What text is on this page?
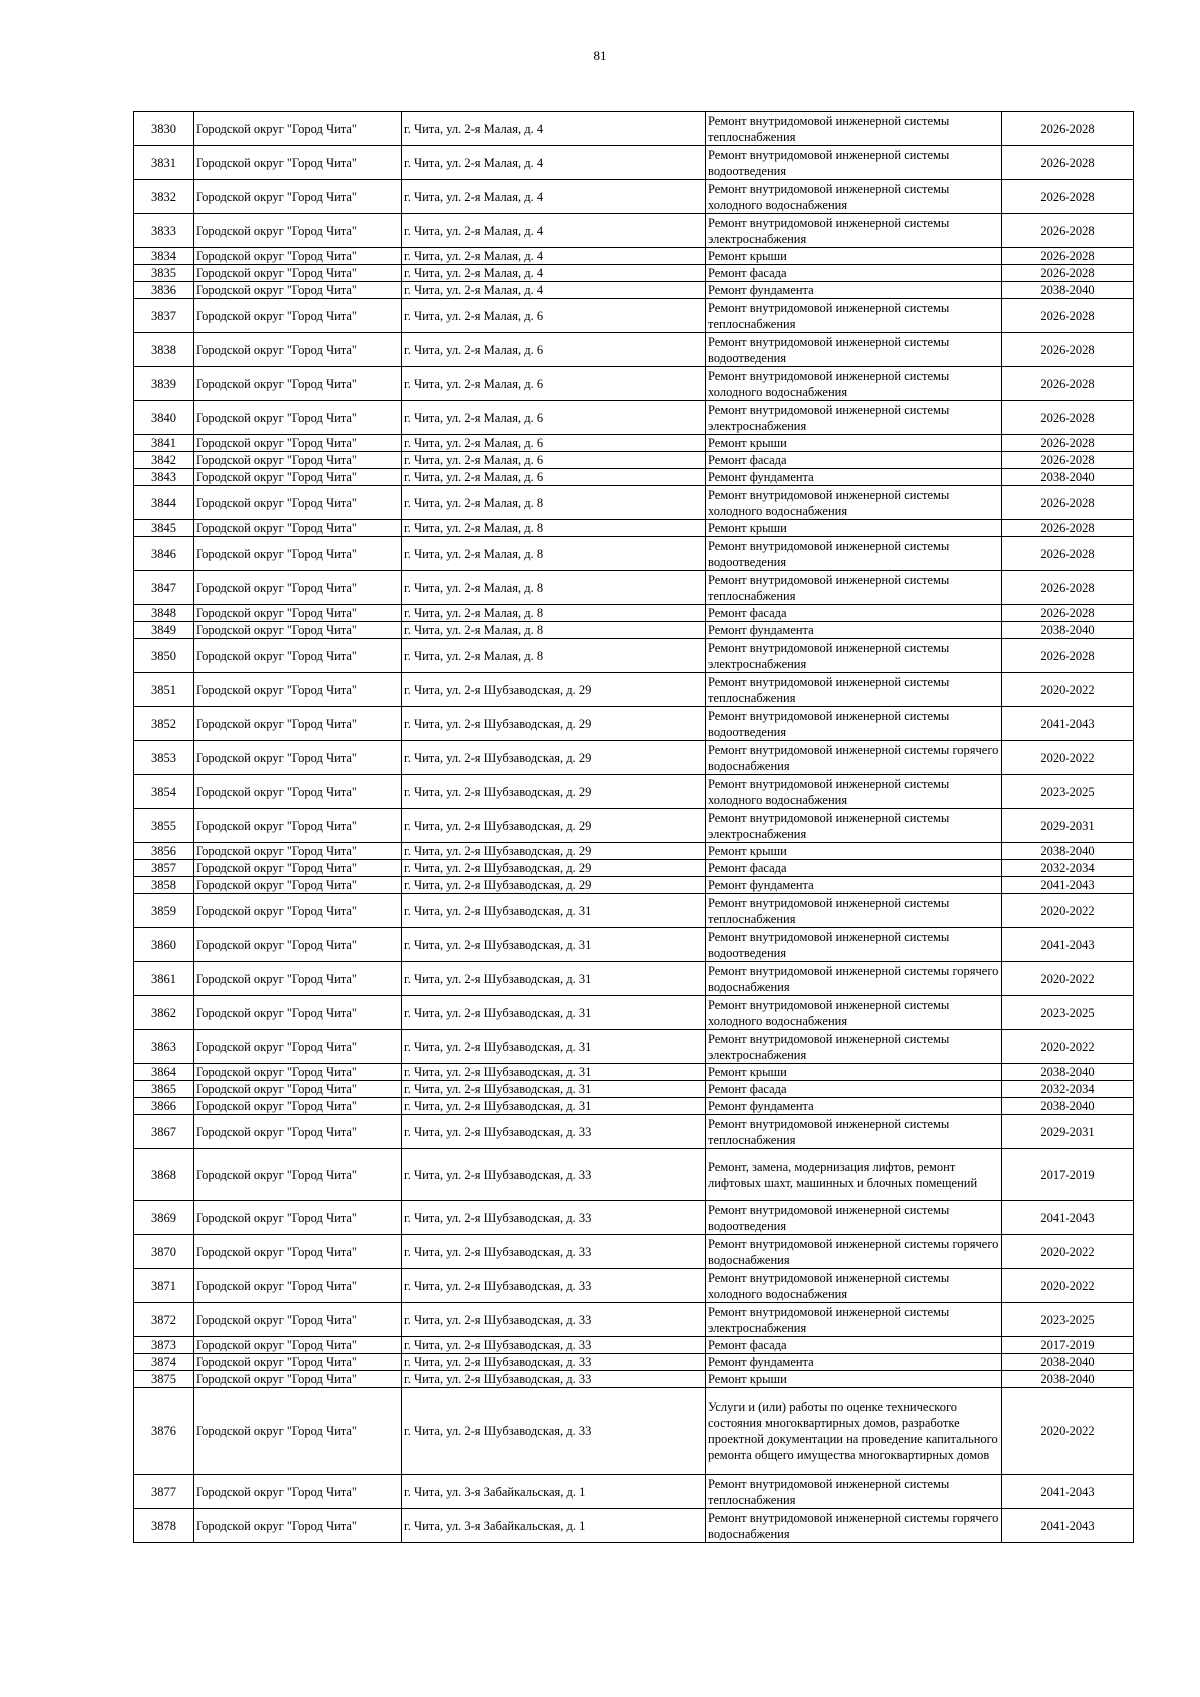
81
3830	Городской округ "Город Чита"	г. Чита, ул. 2-я Малая, д. 4	Ремонт внутридомовой инженерной системы теплоснабжения	2026-2028
3831	Городской округ "Город Чита"	г. Чита, ул. 2-я Малая, д. 4	Ремонт внутридомовой инженерной системы водоотведения	2026-2028
3832	Городской округ "Город Чита"	г. Чита, ул. 2-я Малая, д. 4	Ремонт внутридомовой инженерной системы холодного водоснабжения	2026-2028
3833	Городской округ "Город Чита"	г. Чита, ул. 2-я Малая, д. 4	Ремонт внутридомовой инженерной системы электроснабжения	2026-2028
3834	Городской округ "Город Чита"	г. Чита, ул. 2-я Малая, д. 4	Ремонт крыши	2026-2028
3835	Городской округ "Город Чита"	г. Чита, ул. 2-я Малая, д. 4	Ремонт фасада	2026-2028
3836	Городской округ "Город Чита"	г. Чита, ул. 2-я Малая, д. 4	Ремонт фундамента	2038-2040
3837	Городской округ "Город Чита"	г. Чита, ул. 2-я Малая, д. 6	Ремонт внутридомовой инженерной системы теплоснабжения	2026-2028
3838	Городской округ "Город Чита"	г. Чита, ул. 2-я Малая, д. 6	Ремонт внутридомовой инженерной системы водоотведения	2026-2028
3839	Городской округ "Город Чита"	г. Чита, ул. 2-я Малая, д. 6	Ремонт внутридомовой инженерной системы холодного водоснабжения	2026-2028
3840	Городской округ "Город Чита"	г. Чита, ул. 2-я Малая, д. 6	Ремонт внутридомовой инженерной системы электроснабжения	2026-2028
3841	Городской округ "Город Чита"	г. Чита, ул. 2-я Малая, д. 6	Ремонт крыши	2026-2028
3842	Городской округ "Город Чита"	г. Чита, ул. 2-я Малая, д. 6	Ремонт фасада	2026-2028
3843	Городской округ "Город Чита"	г. Чита, ул. 2-я Малая, д. 6	Ремонт фундамента	2038-2040
3844	Городской округ "Город Чита"	г. Чита, ул. 2-я Малая, д. 8	Ремонт внутридомовой инженерной системы холодного водоснабжения	2026-2028
3845	Городской округ "Город Чита"	г. Чита, ул. 2-я Малая, д. 8	Ремонт крыши	2026-2028
3846	Городской округ "Город Чита"	г. Чита, ул. 2-я Малая, д. 8	Ремонт внутридомовой инженерной системы водоотведения	2026-2028
3847	Городской округ "Город Чита"	г. Чита, ул. 2-я Малая, д. 8	Ремонт внутридомовой инженерной системы теплоснабжения	2026-2028
3848	Городской округ "Город Чита"	г. Чита, ул. 2-я Малая, д. 8	Ремонт фасада	2026-2028
3849	Городской округ "Город Чита"	г. Чита, ул. 2-я Малая, д. 8	Ремонт фундамента	2038-2040
3850	Городской округ "Город Чита"	г. Чита, ул. 2-я Малая, д. 8	Ремонт внутридомовой инженерной системы электроснабжения	2026-2028
3851	Городской округ "Город Чита"	г. Чита, ул. 2-я Шубзаводская, д. 29	Ремонт внутридомовой инженерной системы теплоснабжения	2020-2022
3852	Городской округ "Город Чита"	г. Чита, ул. 2-я Шубзаводская, д. 29	Ремонт внутридомовой инженерной системы водоотведения	2041-2043
3853	Городской округ "Город Чита"	г. Чита, ул. 2-я Шубзаводская, д. 29	Ремонт внутридомовой инженерной системы горячего водоснабжения	2020-2022
3854	Городской округ "Город Чита"	г. Чита, ул. 2-я Шубзаводская, д. 29	Ремонт внутридомовой инженерной системы холодного водоснабжения	2023-2025
3855	Городской округ "Город Чита"	г. Чита, ул. 2-я Шубзаводская, д. 29	Ремонт внутридомовой инженерной системы электроснабжения	2029-2031
3856	Городской округ "Город Чита"	г. Чита, ул. 2-я Шубзаводская, д. 29	Ремонт крыши	2038-2040
3857	Городской округ "Город Чита"	г. Чита, ул. 2-я Шубзаводская, д. 29	Ремонт фасада	2032-2034
3858	Городской округ "Город Чита"	г. Чита, ул. 2-я Шубзаводская, д. 29	Ремонт фундамента	2041-2043
3859	Городской округ "Город Чита"	г. Чита, ул. 2-я Шубзаводская, д. 31	Ремонт внутридомовой инженерной системы теплоснабжения	2020-2022
3860	Городской округ "Город Чита"	г. Чита, ул. 2-я Шубзаводская, д. 31	Ремонт внутридомовой инженерной системы водоотведения	2041-2043
3861	Городской округ "Город Чита"	г. Чита, ул. 2-я Шубзаводская, д. 31	Ремонт внутридомовой инженерной системы горячего водоснабжения	2020-2022
3862	Городской округ "Город Чита"	г. Чита, ул. 2-я Шубзаводская, д. 31	Ремонт внутридомовой инженерной системы холодного водоснабжения	2023-2025
3863	Городской округ "Город Чита"	г. Чита, ул. 2-я Шубзаводская, д. 31	Ремонт внутридомовой инженерной системы электроснабжения	2020-2022
3864	Городской округ "Город Чита"	г. Чита, ул. 2-я Шубзаводская, д. 31	Ремонт крыши	2038-2040
3865	Городской округ "Город Чита"	г. Чита, ул. 2-я Шубзаводская, д. 31	Ремонт фасада	2032-2034
3866	Городской округ "Город Чита"	г. Чита, ул. 2-я Шубзаводская, д. 31	Ремонт фундамента	2038-2040
3867	Городской округ "Город Чита"	г. Чита, ул. 2-я Шубзаводская, д. 33	Ремонт внутридомовой инженерной системы теплоснабжения	2029-2031
3868	Городской округ "Город Чита"	г. Чита, ул. 2-я Шубзаводская, д. 33	Ремонт, замена, модернизация лифтов, ремонт лифтовых шахт, машинных и блочных помещений	2017-2019
3869	Городской округ "Город Чита"	г. Чита, ул. 2-я Шубзаводская, д. 33	Ремонт внутридомовой инженерной системы водоотведения	2041-2043
3870	Городской округ "Город Чита"	г. Чита, ул. 2-я Шубзаводская, д. 33	Ремонт внутридомовой инженерной системы горячего водоснабжения	2020-2022
3871	Городской округ "Город Чита"	г. Чита, ул. 2-я Шубзаводская, д. 33	Ремонт внутридомовой инженерной системы холодного водоснабжения	2020-2022
3872	Городской округ "Город Чита"	г. Чита, ул. 2-я Шубзаводская, д. 33	Ремонт внутридомовой инженерной системы электроснабжения	2023-2025
3873	Городской округ "Город Чита"	г. Чита, ул. 2-я Шубзаводская, д. 33	Ремонт фасада	2017-2019
3874	Городской округ "Город Чита"	г. Чита, ул. 2-я Шубзаводская, д. 33	Ремонт фундамента	2038-2040
3875	Городской округ "Город Чита"	г. Чита, ул. 2-я Шубзаводская, д. 33	Ремонт крыши	2038-2040
3876	Городской округ "Город Чита"	г. Чита, ул. 2-я Шубзаводская, д. 33	Услуги и (или) работы по оценке технического состояния многоквартирных домов, разработке проектной документации на проведение капитального ремонта общего имущества многоквартирных домов	2020-2022
3877	Городской округ "Город Чита"	г. Чита, ул. 3-я Забайкальская, д. 1	Ремонт внутридомовой инженерной системы теплоснабжения	2041-2043
3878	Городской округ "Город Чита"	г. Чита, ул. 3-я Забайкальская, д. 1	Ремонт внутридомовой инженерной системы горячего водоснабжения	2041-2043
